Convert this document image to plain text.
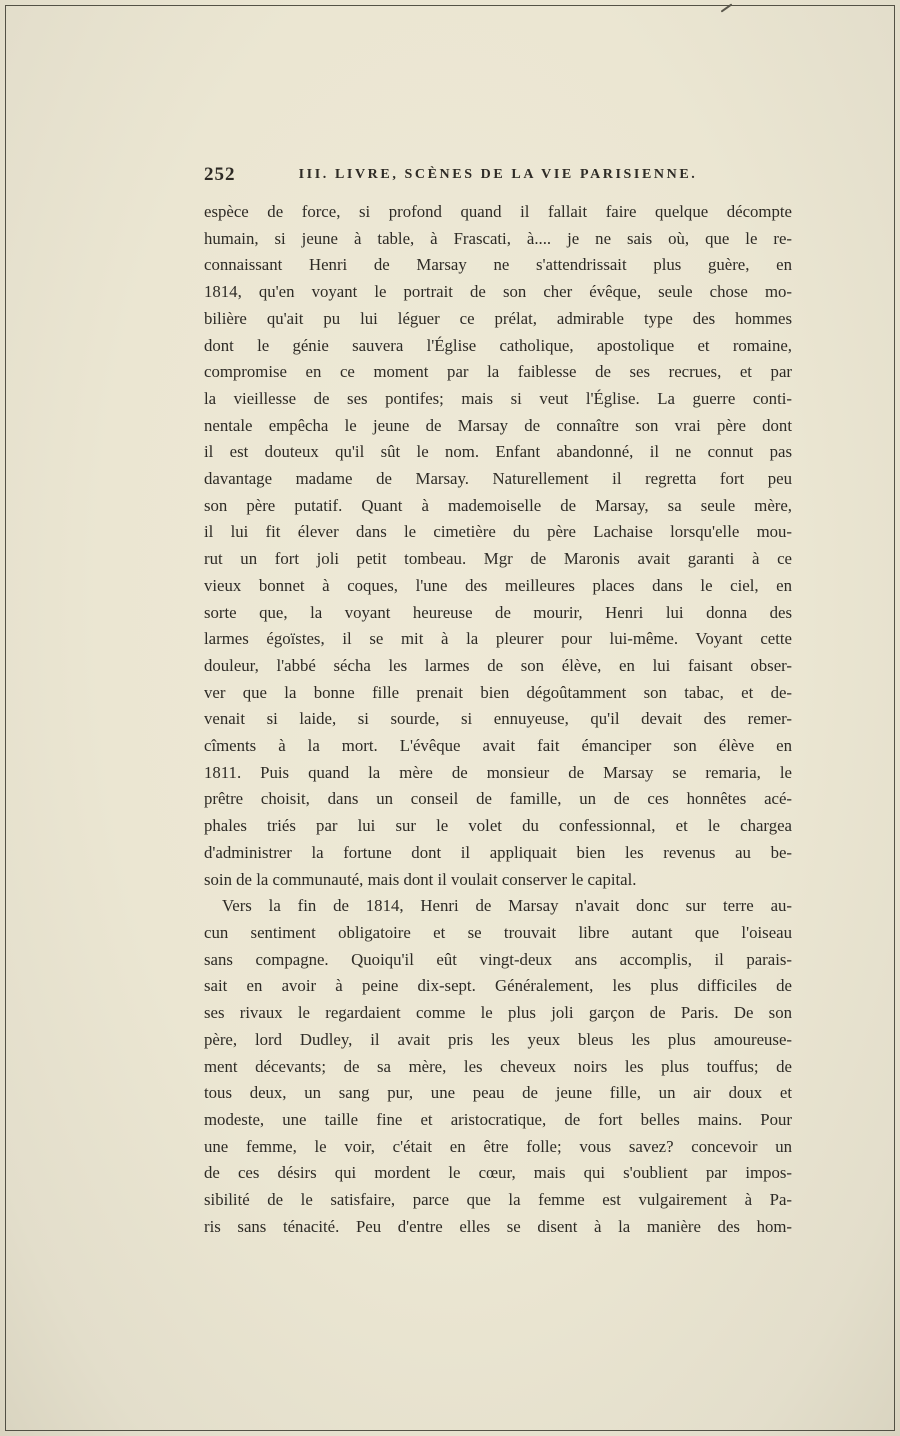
252	III. LIVRE, SCÈNES DE LA VIE PARISIENNE.
espèce de force, si profond quand il fallait faire quelque décompte
humain, si jeune à table, à Frascati, à.... je ne sais où, que le re-
connaissant Henri de Marsay ne s'attendrissait plus guère, en
1814, qu'en voyant le portrait de son cher évêque, seule chose mo-
bilière qu'ait pu lui léguer ce prélat, admirable type des hommes
dont le génie sauvera l'Église catholique, apostolique et romaine,
compromise en ce moment par la faiblesse de ses recrues, et par
la vieillesse de ses pontifes; mais si veut l'Église. La guerre conti-
nentale empêcha le jeune de Marsay de connaître son vrai père dont
il est douteux qu'il sût le nom. Enfant abandonné, il ne connut pas
davantage madame de Marsay. Naturellement il regretta fort peu
son père putatif. Quant à mademoiselle de Marsay, sa seule mère,
il lui fit élever dans le cimetière du père Lachaise lorsqu'elle mou-
rut un fort joli petit tombeau. Mgr de Maronis avait garanti à ce
vieux bonnet à coques, l'une des meilleures places dans le ciel, en
sorte que, la voyant heureuse de mourir, Henri lui donna des
larmes égoïstes, il se mit à la pleurer pour lui-même. Voyant cette
douleur, l'abbé sécha les larmes de son élève, en lui faisant obser-
ver que la bonne fille prenait bien dégoûtamment son tabac, et de-
venait si laide, si sourde, si ennuyeuse, qu'il devait des remer-
cîments à la mort. L'évêque avait fait émanciper son élève en
1811. Puis quand la mère de monsieur de Marsay se remaria, le
prêtre choisit, dans un conseil de famille, un de ces honnêtes acé-
phales triés par lui sur le volet du confessionnal, et le chargea
d'administrer la fortune dont il appliquait bien les revenus au be-
soin de la communauté, mais dont il voulait conserver le capital.
Vers la fin de 1814, Henri de Marsay n'avait donc sur terre au-
cun sentiment obligatoire et se trouvait libre autant que l'oiseau
sans compagne. Quoiqu'il eût vingt-deux ans accomplis, il parais-
sait en avoir à peine dix-sept. Généralement, les plus difficiles de
ses rivaux le regardaient comme le plus joli garçon de Paris. De son
père, lord Dudley, il avait pris les yeux bleus les plus amoureuse-
ment décevants; de sa mère, les cheveux noirs les plus touffus; de
tous deux, un sang pur, une peau de jeune fille, un air doux et
modeste, une taille fine et aristocratique, de fort belles mains. Pour
une femme, le voir, c'était en être folle; vous savez? concevoir un
de ces désirs qui mordent le cœur, mais qui s'oublient par impos-
sibilité de le satisfaire, parce que la femme est vulgairement à Pa-
ris sans ténacité. Peu d'entre elles se disent à la manière des hom-
